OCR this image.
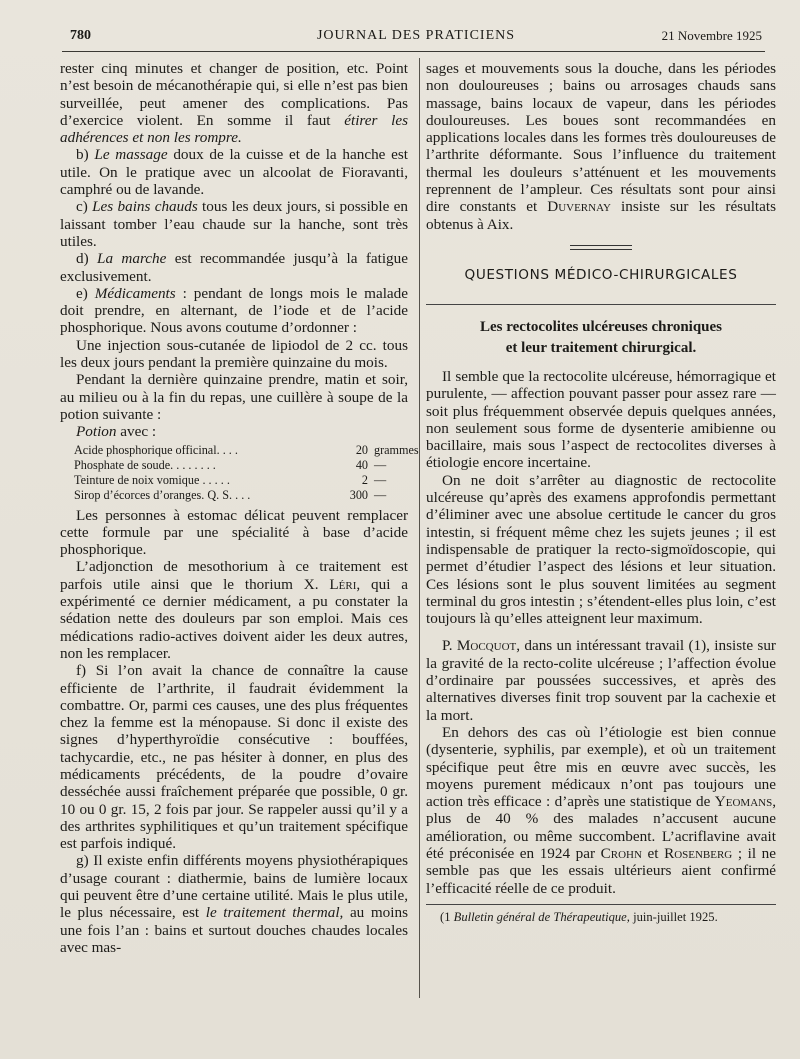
780	JOURNAL DES PRATICIENS	21 Novembre 1925

rester cinq minutes et changer de position, etc. Point n’est besoin de mécanothérapie qui, si elle n’est pas bien surveillée, peut amener des complications. Pas d’exercice violent. En somme il faut étirer les adhérences et non les rompre.

b) Le massage doux de la cuisse et de la hanche est utile. On le pratique avec un alcoolat de Fioravanti, camphré ou de lavande.

c) Les bains chauds tous les deux jours, si possible en laissant tomber l’eau chaude sur la hanche, sont très utiles.

d) La marche est recommandée jusqu’à la fatigue exclusivement.

e) Médicaments : pendant de longs mois le malade doit prendre, en alternant, de l’iode et de l’acide phosphorique. Nous avons coutume d’ordonner :

Une injection sous-cutanée de lipiodol de 2 cc. tous les deux jours pendant la première quinzaine du mois.

Pendant la dernière quinzaine prendre, matin et soir, au milieu ou à la fin du repas, une cuillère à soupe de la potion suivante :

Potion avec :

Acide phosphorique officinal. . . .	20 grammes
Phosphate de soude. . . . . . . .	40 —
Teinture de noix vomique . . . . .	2 —
Sirop d’écorces d’oranges. Q. S. . . .	300 —

Les personnes à estomac délicat peuvent remplacer cette formule par une spécialité à base d’acide phosphorique.

L’adjonction de mesothorium à ce traitement est parfois utile ainsi que le thorium X. Léri, qui a expérimenté ce dernier médicament, a pu constater la sédation nette des douleurs par son emploi. Mais ces médications radio-actives doivent aider les deux autres, non les remplacer.

f) Si l’on avait la chance de connaître la cause efficiente de l’arthrite, il faudrait évidemment la combattre. Or, parmi ces causes, une des plus fréquentes chez la femme est la ménopause. Si donc il existe des signes d’hyperthyroïdie consécutive : bouffées, tachycardie, etc., ne pas hésiter à donner, en plus des médicaments précédents, de la poudre d’ovaire desséchée aussi fraîchement préparée que possible, 0 gr. 10 ou 0 gr. 15, 2 fois par jour. Se rappeler aussi qu’il y a des arthrites syphilitiques et qu’un traitement spécifique est parfois indiqué.

g) Il existe enfin différents moyens physiothérapiques d’usage courant : diathermie, bains de lumière locaux qui peuvent être d’une certaine utilité. Mais le plus utile, le plus nécessaire, est le traitement thermal, au moins une fois l’an : bains et surtout douches chaudes locales avec mas-

sages et mouvements sous la douche, dans les périodes non douloureuses ; bains ou arrosages chauds sans massage, bains locaux de vapeur, dans les périodes douloureuses. Les boues sont recommandées en applications locales dans les formes très douloureuses de l’arthrite déformante. Sous l’influence du traitement thermal les douleurs s’atténuent et les mouvements reprennent de l’ampleur. Ces résultats sont pour ainsi dire constants et Duvernay insiste sur les résultats obtenus à Aix.

QUESTIONS MÉDICO-CHIRURGICALES
Les rectocolites ulcéreuses chroniques
et leur traitement chirurgical.

Il semble que la rectocolite ulcéreuse, hémorragique et purulente, — affection pouvant passer pour assez rare — soit plus fréquemment observée depuis quelques années, non seulement sous forme de dysenterie amibienne ou bacillaire, mais sous l’aspect de rectocolites diverses à étiologie encore incertaine.

On ne doit s’arrêter au diagnostic de rectocolite ulcéreuse qu’après des examens approfondis permettant d’éliminer avec une absolue certitude le cancer du gros intestin, si fréquent même chez les sujets jeunes ; il est indispensable de pratiquer la recto-sigmoïdoscopie, qui permet d’étudier l’aspect des lésions et leur situation. Ces lésions sont le plus souvent limitées au segment terminal du gros intestin ; s’étendent-elles plus loin, c’est toujours là qu’elles atteignent leur maximum.

P. Mocquot, dans un intéressant travail (1), insiste sur la gravité de la recto-colite ulcéreuse ; l’affection évolue d’ordinaire par poussées successives, et après des alternatives diverses finit trop souvent par la cachexie et la mort.

En dehors des cas où l’étiologie est bien connue (dysenterie, syphilis, par exemple), et où un traitement spécifique peut être mis en œuvre avec succès, les moyens purement médicaux n’ont pas toujours une action très efficace : d’après une statistique de Yeomans, plus de 40 % des malades n’accusent aucune amélioration, ou même succombent. L’acriflavine avait été préconisée en 1924 par Crohn et Rosenberg ; il ne semble pas que les essais ultérieurs aient confirmé l’efficacité réelle de ce produit.

(1 Bulletin général de Thérapeutique, juin-juillet 1925.
